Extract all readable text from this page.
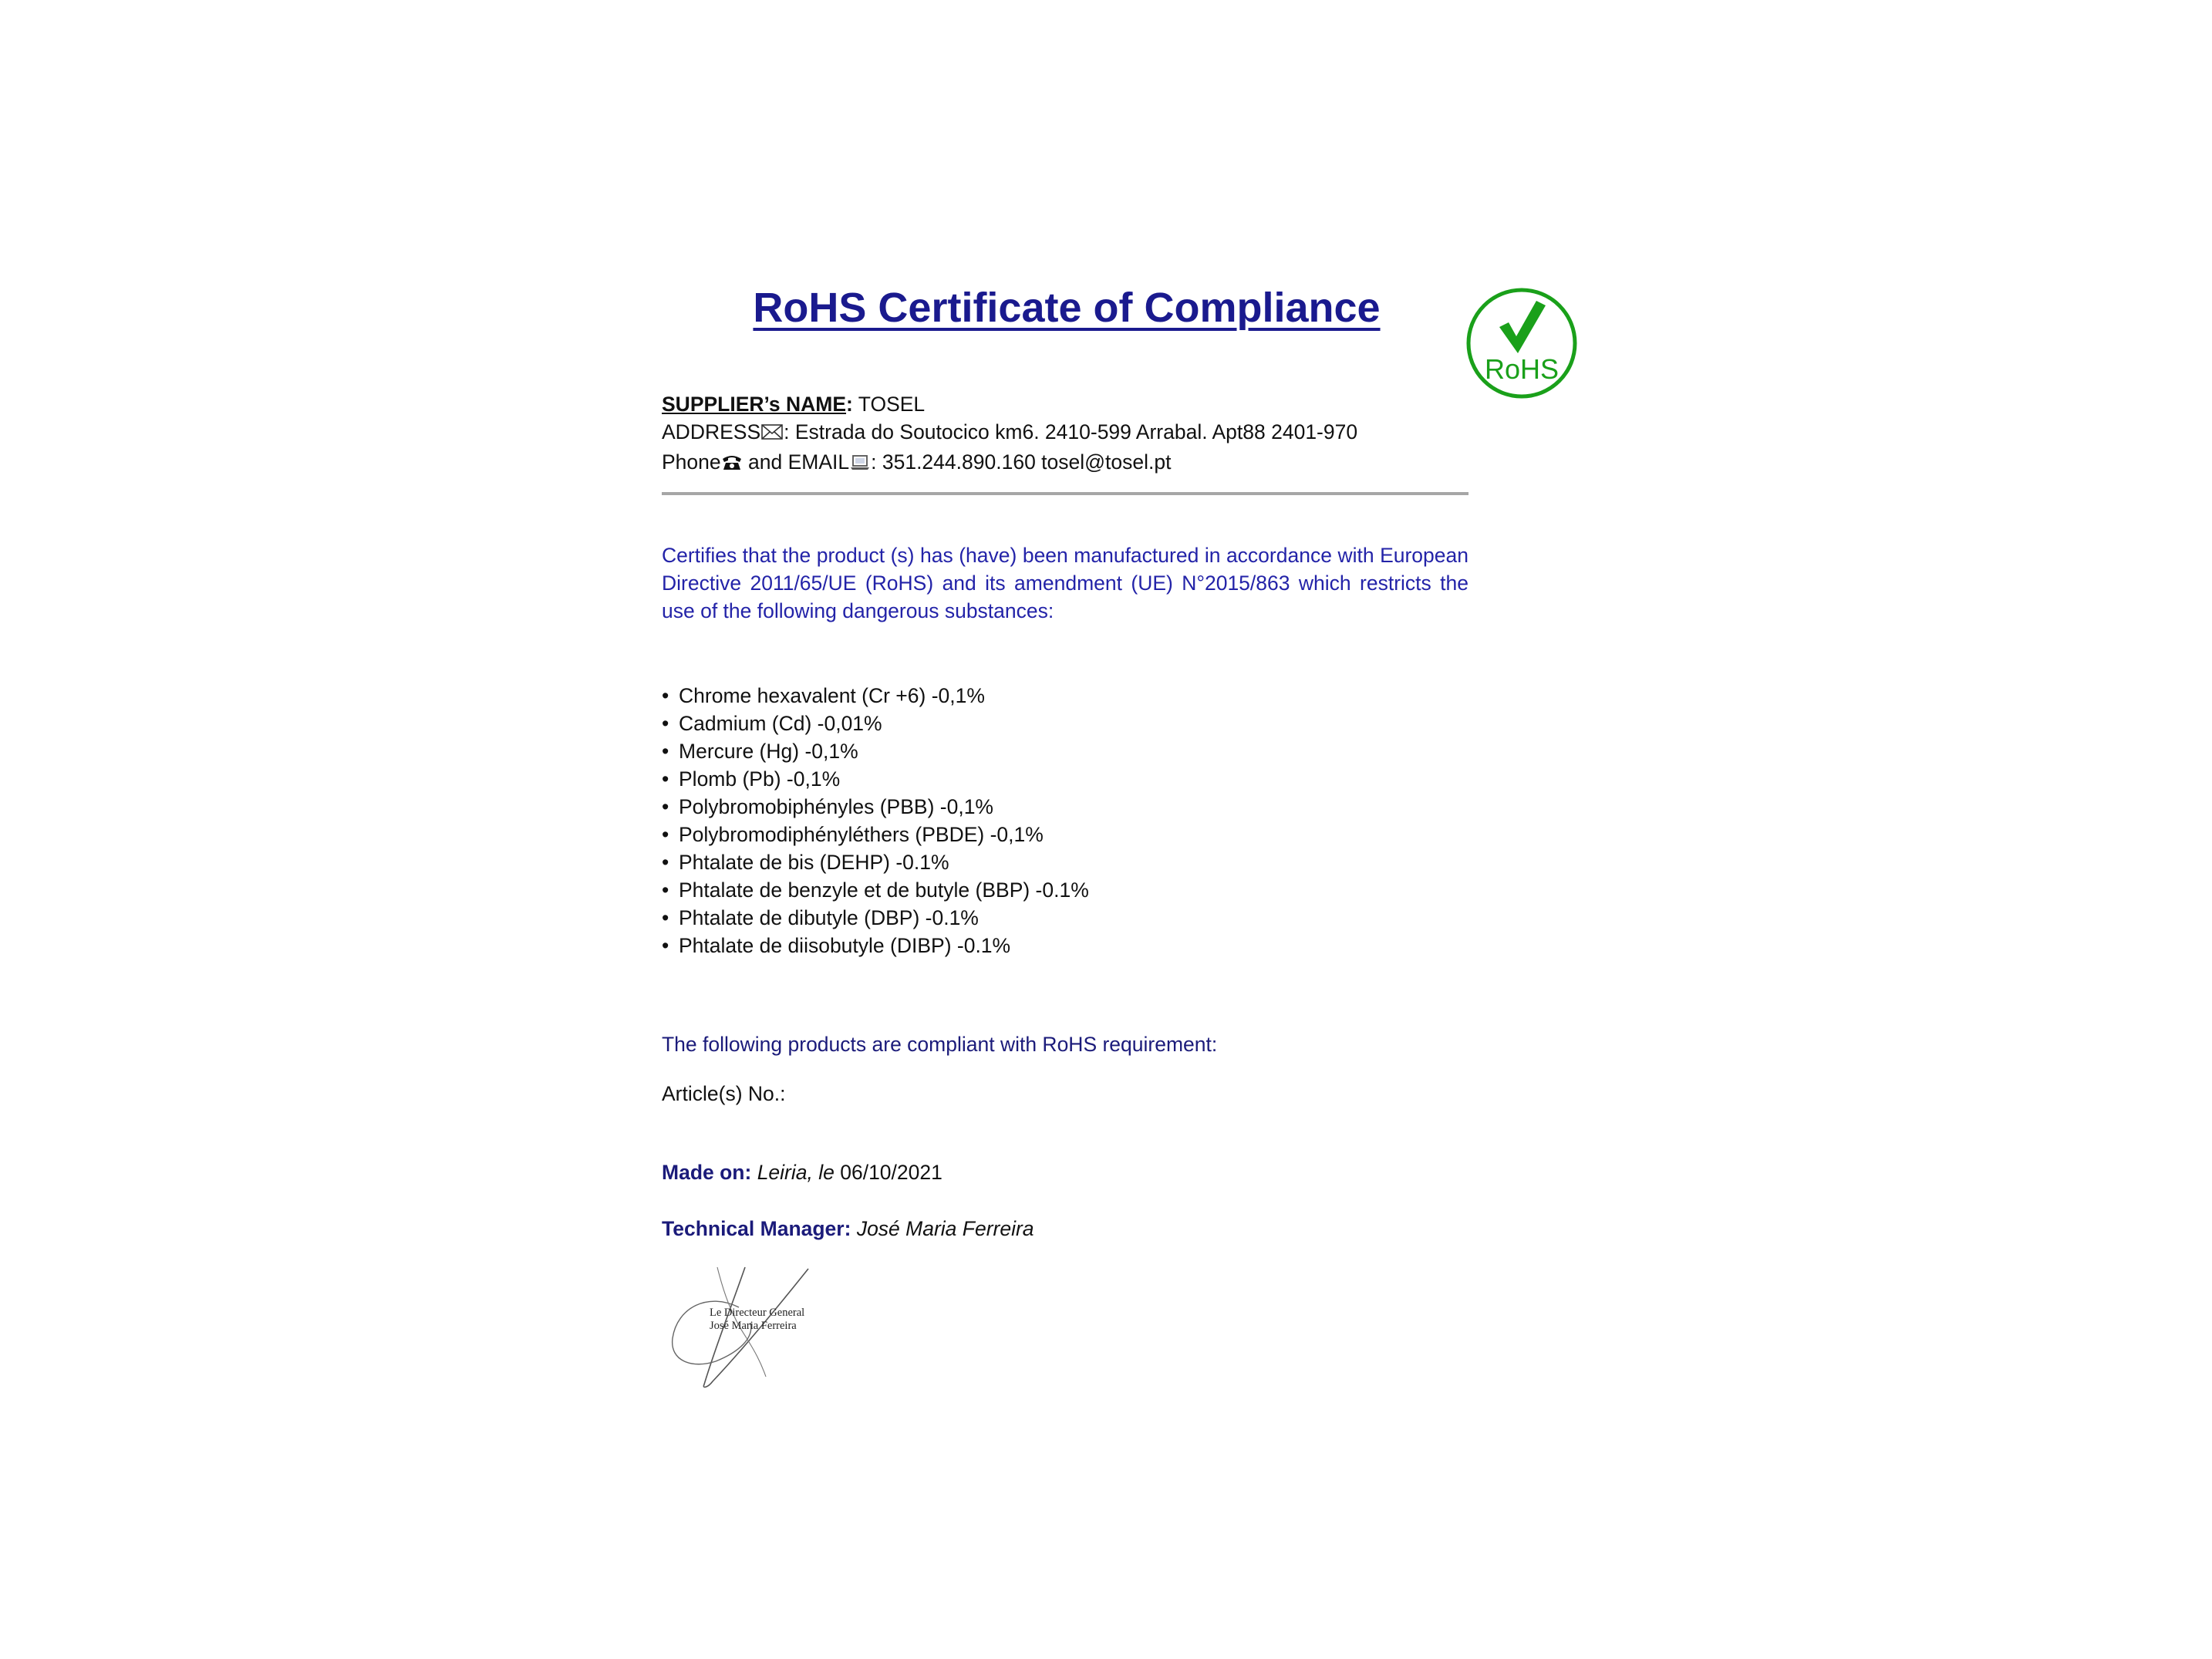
RoHS Certificate of Compliance
RoHS
SUPPLIER’s NAME: TOSEL
ADDRESS : Estrada do Soutocico km6. 2410-599 Arrabal. Apt88 2401-970
Phone and EMAIL : 351.244.890.160 tosel@tosel.pt

Certifies that the product (s) has (have) been manufactured in accordance with European Directive 2011/65/UE (RoHS) and its amendment (UE) N°2015/863 which restricts the use of the following dangerous substances:

• Chrome hexavalent (Cr +6) -0,1%
• Cadmium (Cd) -0,01%
• Mercure (Hg) -0,1%
• Plomb (Pb) -0,1%
• Polybromobiphényles (PBB) -0,1%
• Polybromodiphényléthers (PBDE) -0,1%
• Phtalate de bis (DEHP) -0.1%
• Phtalate de benzyle et de butyle (BBP) -0.1%
• Phtalate de dibutyle (DBP) -0.1%
• Phtalate de diisobutyle (DIBP) -0.1%

The following products are compliant with RoHS requirement:

Article(s) No.:

Made on: Leiria, le 06/10/2021

Technical Manager: José Maria Ferreira

Le Directeur General
José Maria Ferreira
